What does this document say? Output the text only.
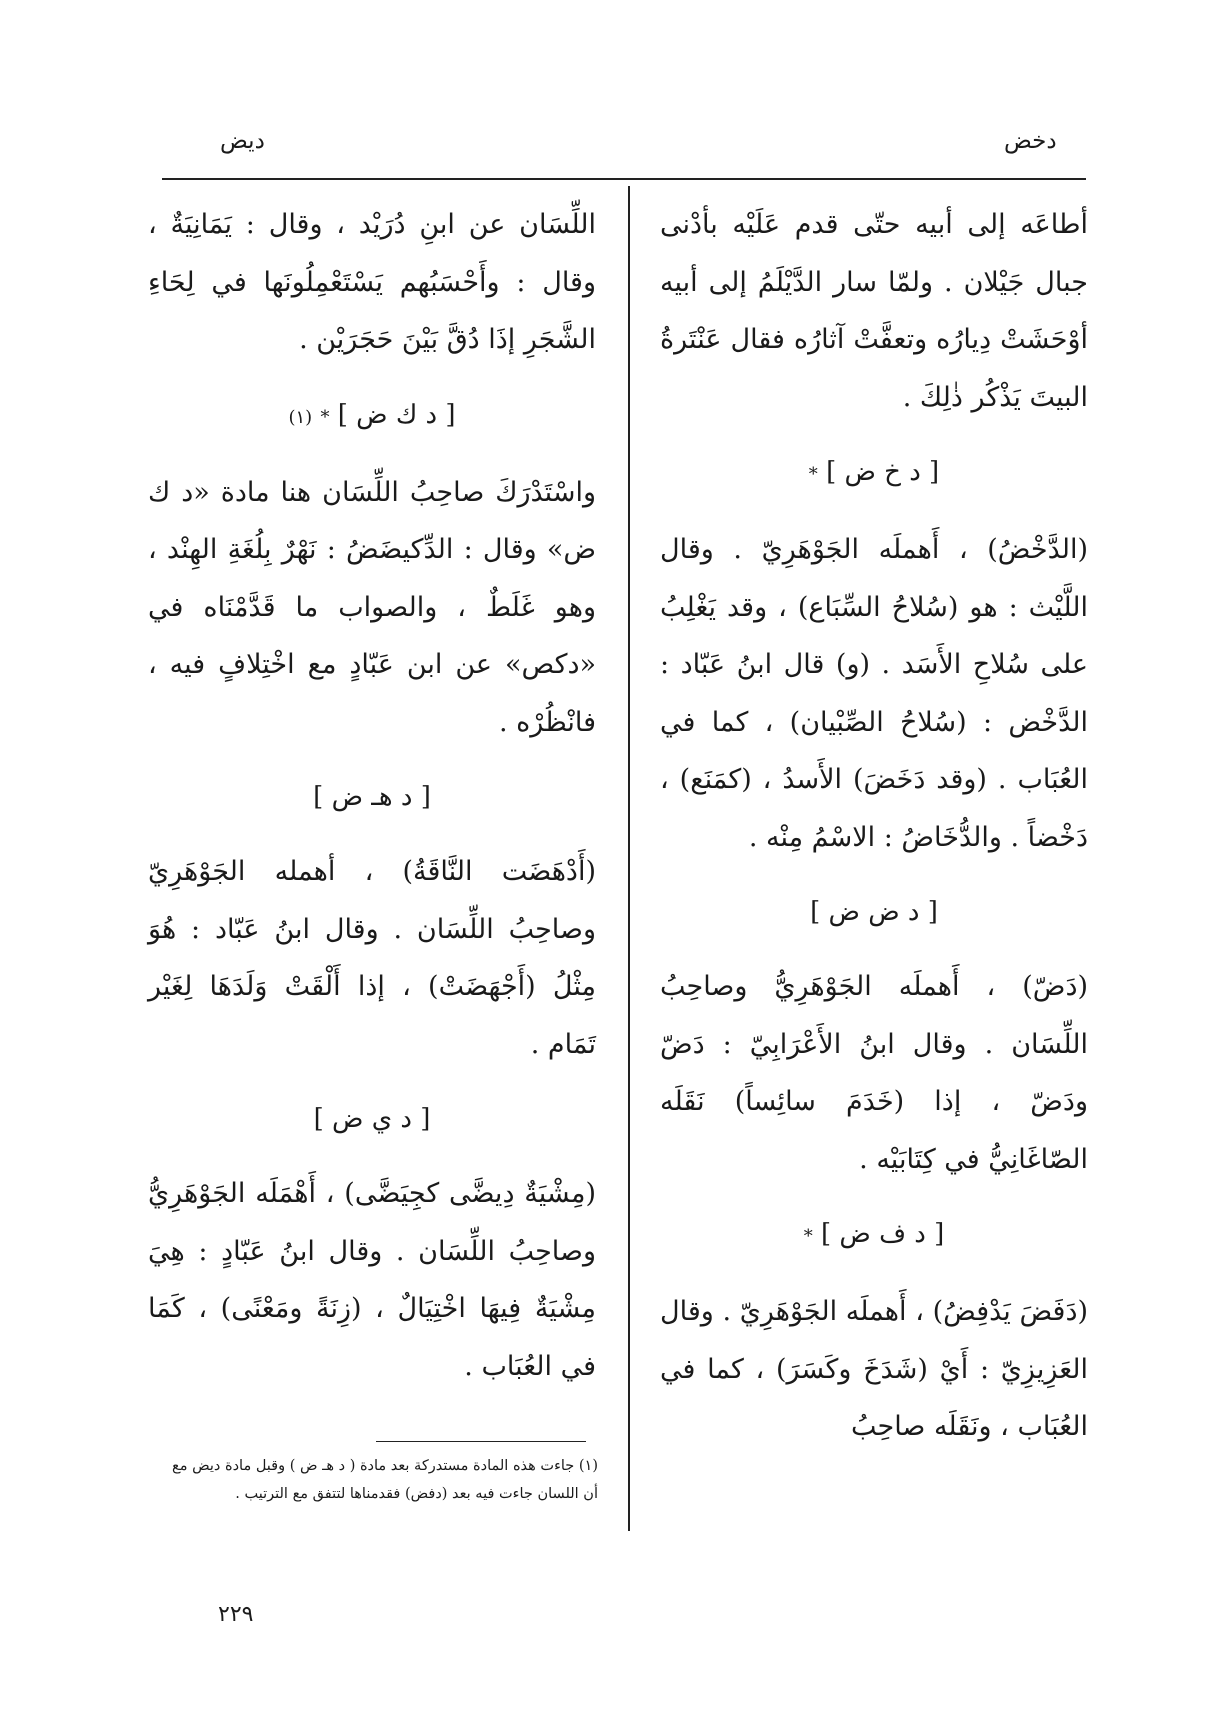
ديض	دخض

أطاعَه إلى أبيه حتّى قدم عَلَيْه بأدْنى جبال جَيْلان . ولمّا سار الدَّيْلَمُ إلى أبيه أوْحَشَتْ دِيارُه وتعفَّتْ آثارُه فقال عَنْتَرةُ البيتَ يَذْكُر ذٰلِكَ .

[ د خ ض ] *

(الدَّخْضُ) ، أَهملَه الجَوْهَرِيّ . وقال اللَّيْث : هو (سُلاحُ السِّبَاع) ، وقد يَغْلِبُ على سُلاحِ الأَسَد . (و) قال ابنُ عَبّاد : الدَّخْض : (سُلاحُ الصِّبْيان) ، كما في العُبَاب . (وقد دَخَضَ) الأَسدُ ، (كمَنَع) ، دَخْضاً . والدُّخَاضُ : الاسْمُ مِنْه .

[ د ض ض ]

(دَضّ) ، أَهملَه الجَوْهَرِيُّ وصاحِبُ اللِّسَان . وقال ابنُ الأَعْرَابِيّ : دَضّ ودَضّ ، إذا (خَدَمَ سائِساً) نَقَلَه الصّاغَانِيُّ في كِتَابَيْه .

[ د ف ض ] *

(دَفَضَ يَدْفِضُ) ، أَهملَه الجَوْهَرِيّ . وقال العَزِيزِيّ : أَيْ (شَدَخَ وكَسَرَ) ، كما في العُبَاب ، ونَقَلَه صاحِبُ

اللِّسَان عن ابنِ دُرَيْد ، وقال : يَمَانِيَةٌ ، وقال : وأَحْسَبُهم يَسْتَعْمِلُونَها في لِحَاءِ الشَّجَرِ إذَا دُقَّ بَيْنَ حَجَرَيْن .

[ د ك ض ] * (١)

واسْتَدْرَكَ صاحِبُ اللِّسَان هنا مادة «د ك ض» وقال : الدِّكيضَضُ : نَهْرٌ بِلُغَةِ الهِنْد ، وهو غَلَطٌ ، والصواب ما قَدَّمْنَاه في «دكص» عن ابن عَبّادٍ مع اخْتِلافٍ فيه ، فانْظُرْه .

[ د هـ ض ]

(أَدْهَضَت النَّاقَةُ) ، أهمله الجَوْهَرِيّ وصاحِبُ اللِّسَان . وقال ابنُ عَبّاد : هُوَ مِثْلُ (أَجْهَضَتْ) ، إذا أَلْقَتْ وَلَدَهَا لِغَيْر تَمَام .

[ د ي ض ]

(مِشْيَةٌ دِيضَّى كجِيَضَّى) ، أَهْمَلَه الجَوْهَرِيُّ وصاحِبُ اللِّسَان . وقال ابنُ عَبّادٍ : هِيَ مِشْيَةٌ فِيهَا اخْتِيَالٌ ، (زِنَةً ومَعْنًى) ، كَمَا في العُبَاب .

(١) جاءت هذه المادة مستدركة بعد مادة ( د هـ ض ) وقبل مادة ديض مع أن اللسان جاءت فيه بعد (دفض) فقدمناها لتتفق مع الترتيب .
٢٢٩
